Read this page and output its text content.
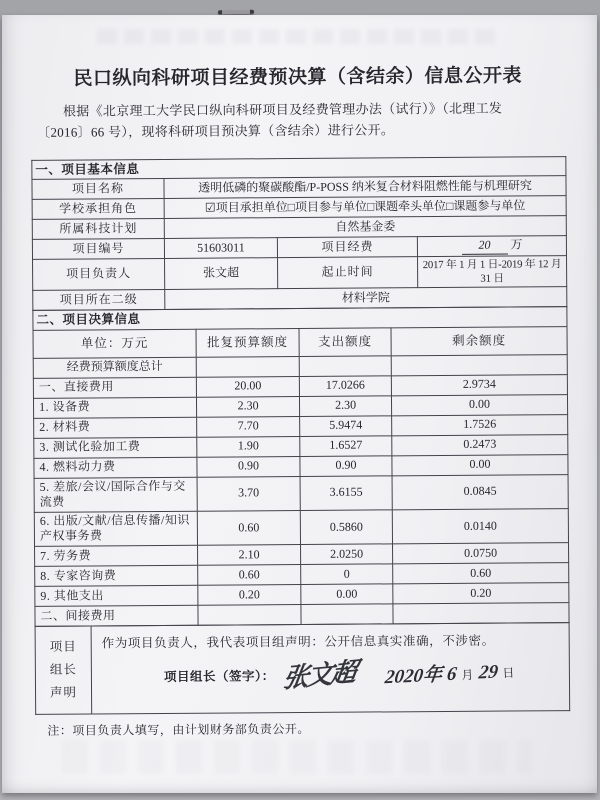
民口纵向科研项目经费预决算（含结余）信息公开表

根据《北京理工大学民口纵向科研项目及经费管理办法（试行）》（北理工发
〔2016〕66 号），现将科研项目预决算（含结余）进行公开。

一、项目基本信息			
项目名称	透明低磷的聚碳酸酯/P-POSS 纳米复合材料阻燃性能与机理研究		
学校承担角色	☑项目承担单位□项目参与单位□课题牵头单位□课题参与单位		
所属科技计划	自然基金委		
项目编号	51603011	项目经费	20 万
项目负责人	张文超	起止时间	2017 年 1 月 1 日-2019 年 12 月 31 日
项目所在二级	材料学院		
二、项目决算信息			
单位：万元	批复预算额度	支出额度	剩余额度
经费预算额度总计			
一、直接费用	20.00	17.0266	2.9734
1. 设备费	2.30	2.30	0.00
2. 材料费	7.70	5.9474	1.7526
3. 测试化验加工费	1.90	1.6527	0.2473
4. 燃料动力费	0.90	0.90	0.00
5. 差旅/会议/国际合作与交流费	3.70	3.6155	0.0845
6. 出版/文献/信息传播/知识产权事务费	0.60	0.5860	0.0140
7. 劳务费	2.10	2.0250	0.0750
8. 专家咨询费	0.60	0	0.60
9. 其他支出	0.20	0.00	0.20
二、间接费用			
项目
组长
声明	
作为项目负责人，我代表项目组声明：公开信息真实准确，不涉密。
项目组长（签字）： 张文超 2020年 6 月 29 日
注：项目负责人填写，由计划财务部负责公开。
